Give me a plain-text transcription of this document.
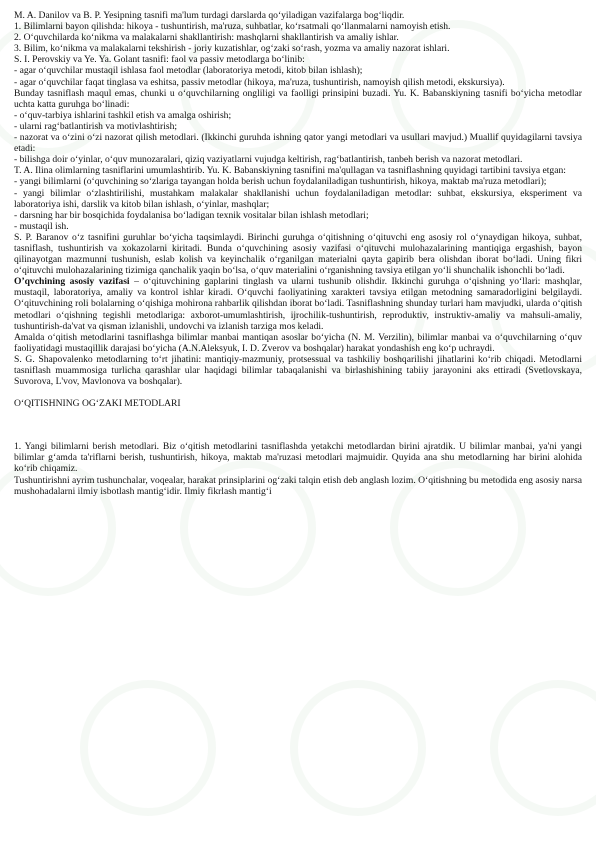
M. A. Danilov va B. P. Yesipning tasnifi ma'lum turdagi darslarda qo‘yiladigan vazifalarga bog‘liqdir.

1. Bilimlarni bayon qilishda: hikoya - tushuntirish, ma'ruza, suhbatlar, ko‘rsatmali qo‘llanmalarni namoyish etish.

2. O‘quvchilarda ko‘nikma va malakalarni shakllantirish: mashqlarni shakllantirish va amaliy ishlar.

3. Bilim, ko‘nikma va malakalarni tekshirish - joriy kuzatishlar, og‘zaki so‘rash, yozma va amaliy nazorat ishlari.

S. I. Perovskiy va Ye. Ya. Golant tasnifi: faol va passiv metodlarga bo‘linib:

- agar o‘quvchilar mustaqil ishlasa faol metodlar (laboratoriya metodi, kitob bilan ishlash);

- agar o‘quvchilar faqat tinglasa va eshitsa, passiv metodlar (hikoya, ma'ruza, tushuntirish, namoyish qilish metodi, ekskursiya).

Bunday tasniflash maqul emas, chunki u o‘quvchilarning ongliligi va faolligi prinsipini buzadi. Yu. K. Babanskiyning tasnifi bo‘yicha metodlar uchta katta guruhga bo‘linadi:

- o‘quv-tarbiya ishlarini tashkil etish va amalga oshirish;

- ularni rag‘batlantirish va motivlashtirish;

- nazorat va o‘zini o‘zi nazorat qilish metodlari. (Ikkinchi guruhda ishning qator yangi metodlari va usullari mavjud.) Muallif quyidagilarni tavsiya etadi:

- bilishga doir o‘yinlar, o‘quv munozaralari, qiziq vaziyatlarni vujudga keltirish, rag‘batlantirish, tanbeh berish va nazorat metodlari.

T. A. Ilina olimlarning tasniflarini umumlashtirib. Yu. K. Babanskiyning tasnifini ma'qullagan va tasniflashning quyidagi tartibini tavsiya etgan:

- yangi bilimlarni (o‘quvchining so‘zlariga tayangan holda berish uchun foydalaniladigan tushuntirish, hikoya, maktab ma'ruza metodlari);

- yangi bilimlar o‘zlashtirilishi, mustahkam malakalar shakllanishi uchun foydalaniladigan metodlar: suhbat, ekskursiya, eksperiment va laboratoriya ishi, darslik va kitob bilan ishlash, o‘yinlar, mashqlar;

- darsning har bir bosqichida foydalanisa bo‘ladigan texnik vositalar bilan ishlash metodlari;

- mustaqil ish.

S. P. Baranov o‘z tasnifini guruhlar bo‘yicha taqsimlaydi. Birinchi guruhga o‘qitishning o‘qituvchi eng asosiy rol o‘ynaydigan hikoya, suhbat, tasniflash, tushuntirish va xokazolarni kiritadi. Bunda o‘quvchining asosiy vazifasi o‘qituvchi mulohazalarining mantiqiga ergashish, bayon qilinayotgan mazmunni tushunish, eslab kolish va keyinchalik o‘rganilgan materialni qayta gapirib bera olishdan iborat bo‘ladi. Uning fikri o‘qituvchi mulohazalarining tizimiga qanchalik yaqin bo‘lsa, o‘quv materialini o‘rganishning tavsiya etilgan yo‘li shunchalik ishonchli bo‘ladi.

O’qvchining asosiy vazifasi – o‘qituvchining gaplarini tinglash va ularni tushunib olishdir. Ikkinchi guruhga o‘qishning yo‘llari: mashqlar, mustaqil, laboratoriya, amaliy va kontrol ishlar kiradi. O‘quvchi faoliyatining xarakteri tavsiya etilgan metodning samaradorligini belgilaydi. O‘qituvchining roli bolalarning o‘qishiga mohirona rahbarlik qilishdan iborat bo‘ladi. Tasniflashning shunday turlari ham mavjudki, ularda o‘qitish metodlari o‘qishning tegishli metodlariga: axborot-umumlashtirish, ijrochilik-tushuntirish, reproduktiv, instruktiv-amaliy va mahsuli-amaliy, tushuntirish-da'vat va qisman izlanishli, undovchi va izlanish tarziga mos keladi.

Amalda o‘qitish metodlarini tasniflashga bilimlar manbai mantiqan asoslar bo‘yicha (N. M. Verzilin), bilimlar manbai va o‘quvchilarning o‘quv faoliyatidagi mustaqillik darajasi bo‘yicha (A.N.Aleksyuk, I. D. Zverov va boshqalar) harakat yondashish eng ko‘p uchraydi.

S. G. Shapovalenko metodlarning to‘rt jihatini: mantiqiy-mazmuniy, protsessual va tashkiliy boshqarilishi jihatlarini ko‘rib chiqadi. Metodlarni tasniflash muammosiga turlicha qarashlar ular haqidagi bilimlar tabaqalanishi va birlashishining tabiiy jarayonini aks ettiradi (Svetlovskaya, Suvorova, L'vov, Mavlonova va boshqalar).

O‘QITISHNING OG‘ZAKI METODLARI

1. Yangi bilimlarni berish metodlari. Biz o‘qitish metodlarini tasniflashda yetakchi metodlardan birini ajratdik. U bilimlar manbai, ya'ni yangi bilimlar g‘amda ta'riflarni berish, tushuntirish, hikoya, maktab ma'ruzasi metodlari majmuidir. Quyida ana shu metodlarning har birini alohida ko‘rib chiqamiz.

Tushuntirishni ayrim tushunchalar, voqealar, harakat prinsiplarini og‘zaki talqin etish deb anglash lozim. O‘qitishning bu metodida eng asosiy narsa mushohadalarni ilmiy isbotlash mantig‘idir. Ilmiy fikrlash mantig‘i
